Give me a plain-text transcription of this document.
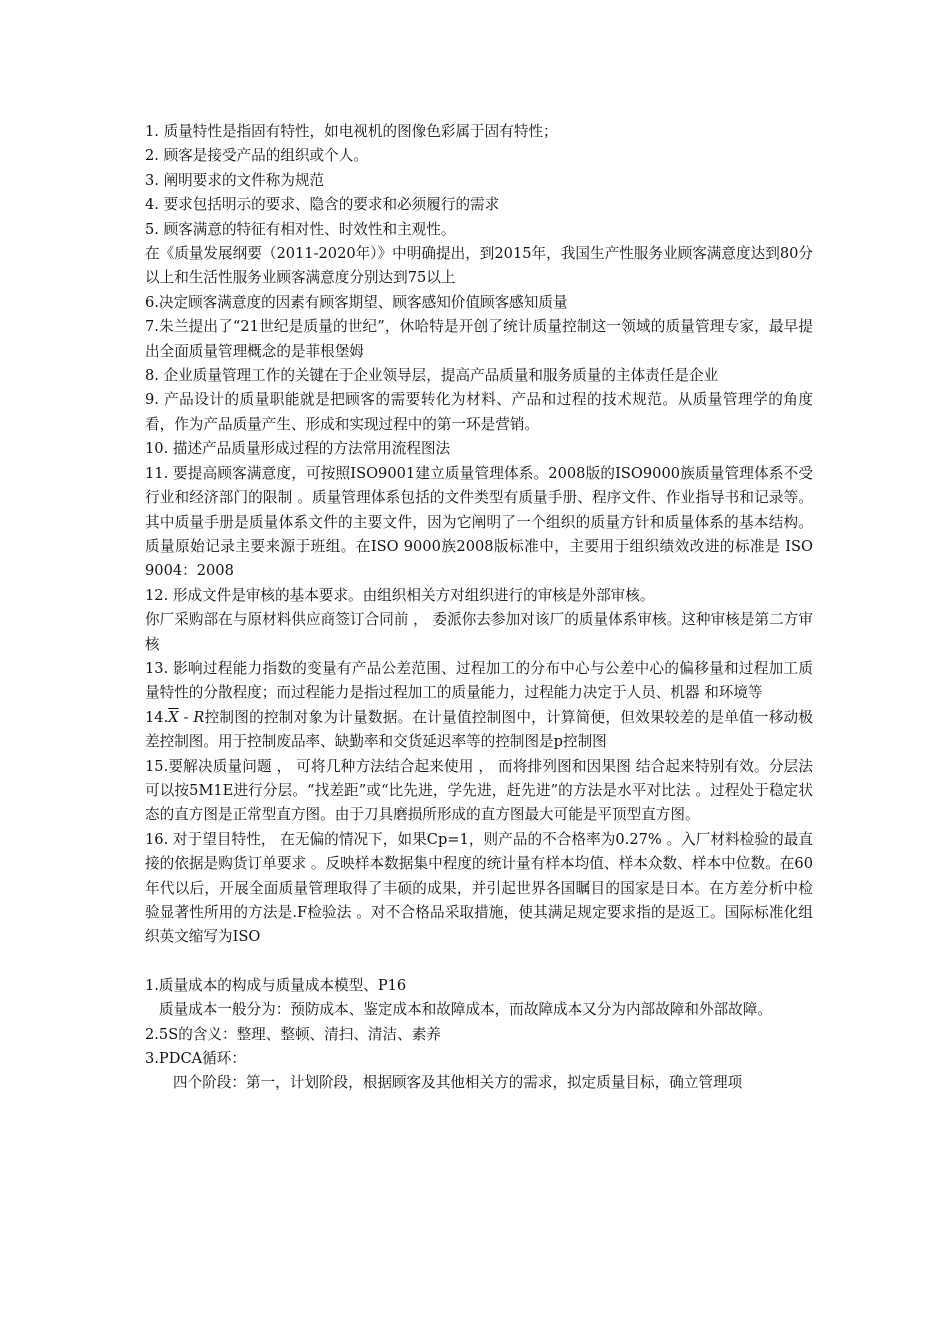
1. 质量特性是指固有特性，如电视机的图像色彩属于固有特性；

2. 顾客是接受产品的组织或个人。

3. 阐明要求的文件称为规范

4. 要求包括明示的要求、隐含的要求和必须履行的需求

5. 顾客满意的特征有相对性、时效性和主观性。

在《质量发展纲要（2011-2020年）》中明确提出，到2015年，我国生产性服务业顾客满意度达到80分以上和生活性服务业顾客满意度分别达到75以上

6.决定顾客满意度的因素有顾客期望、顾客感知价值顾客感知质量

7.朱兰提出了“21世纪是质量的世纪”，休哈特是开创了统计质量控制这一领域的质量管理专家，最早提出全面质量管理概念的是菲根堡姆

8. 企业质量管理工作的关键在于企业领导层，提高产品质量和服务质量的主体责任是企业

9. 产品设计的质量职能就是把顾客的需要转化为材料、产品和过程的技术规范。从质量管理学的角度看，作为产品质量产生、形成和实现过程中的第一环是营销。

10. 描述产品质量形成过程的方法常用流程图法

11. 要提高顾客满意度，可按照ISO9001建立质量管理体系。2008版的ISO9000族质量管理体系不受行业和经济部门的限制 。质量管理体系包括的文件类型有质量手册、程序文件、作业指导书和记录等。其中质量手册是质量体系文件的主要文件，因为它阐明了一个组织的质量方针和质量体系的基本结构。质量原始记录主要来源于班组。在ISO 9000族2008版标准中，主要用于组织绩效改进的标准是 ISO 9004：2008

12. 形成文件是审核的基本要求。由组织相关方对组织进行的审核是外部审核。

你厂采购部在与原材料供应商签订合同前 ， 委派你去参加对该厂的质量体系审核。这种审核是第二方审核

13. 影响过程能力指数的变量有产品公差范围、过程加工的分布中心与公差中心的偏移量和过程加工质量特性的分散程度；而过程能力是指过程加工的质量能力，过程能力决定于人员、机器 和环境等

$14.\overline{X}$ - R控制图的控制对象为计量数据。在计量值控制图中，计算简便，但效果较差的是单值一移动极差控制图。用于控制废品率、缺勤率和交货延迟率等的控制图是p控制图

15.要解决质量问题 ， 可将几种方法结合起来使用 ， 而将排列图和因果图 结合起来特别有效。分层法可以按5M1E进行分层。“找差距”或“比先进，学先进，赶先进”的方法是水平对比法 。过程处于稳定状态的直方图是正常型直方图。由于刀具磨损所形成的直方图最大可能是平顶型直方图。

16. 对于望目特性， 在无偏的情况下，如果Cp=1，则产品的不合格率为0.27% 。入厂材料检验的最直接的依据是购货订单要求 。反映样本数据集中程度的统计量有样本均值、样本众数、样本中位数。在60年代以后，开展全面质量管理取得了丰硕的成果，并引起世界各国瞩目的国家是日本。在方差分析中检验显著性所用的方法是.F检验法 。对不合格品采取措施，使其满足规定要求指的是返工。国际标准化组织英文缩写为ISO

1.质量成本的构成与质量成本模型、P16

质量成本一般分为：预防成本、鉴定成本和故障成本，而故障成本又分为内部故障和外部故障。

2.5S的含义：整理、整顿、清扫、清洁、素养

3.PDCA循环：

四个阶段：第一，计划阶段，根据顾客及其他相关方的需求，拟定质量目标，确立管理项
